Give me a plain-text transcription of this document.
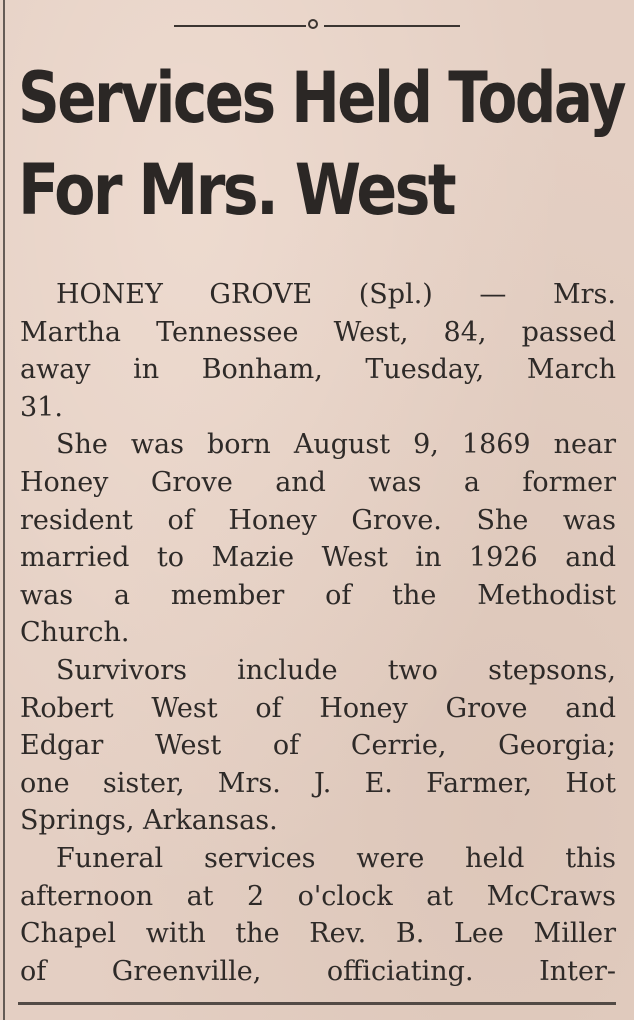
Services Held Today
For Mrs. West
HONEY GROVE (Spl.) — Mrs.
Martha Tennessee West, 84, passed
away in Bonham, Tuesday, March
31.
She was born August 9, 1869 near
Honey Grove and was a former
resident of Honey Grove. She was
married to Mazie West in 1926 and
was a member of the Methodist
Church.
Survivors include two stepsons,
Robert West of Honey Grove and
Edgar West of Cerrie, Georgia;
one sister, Mrs. J. E. Farmer, Hot
Springs, Arkansas.
Funeral services were held this
afternoon at 2 o'clock at McCraws
Chapel with the Rev. B. Lee Miller
of Greenville, officiating. Inter-
